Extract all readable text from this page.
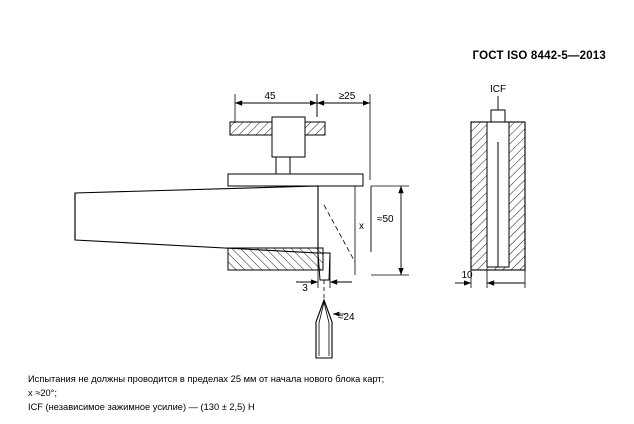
ГОСТ ISO 8442-5—2013
45	≥25
x
≈50
3
≈24
ICF
10
Испытания не должны проводится в пределах 25 мм от начала нового блока карт;
x ≈20°;
ICF (независимое зажимное усилие) — (130 ± 2,5) Н
